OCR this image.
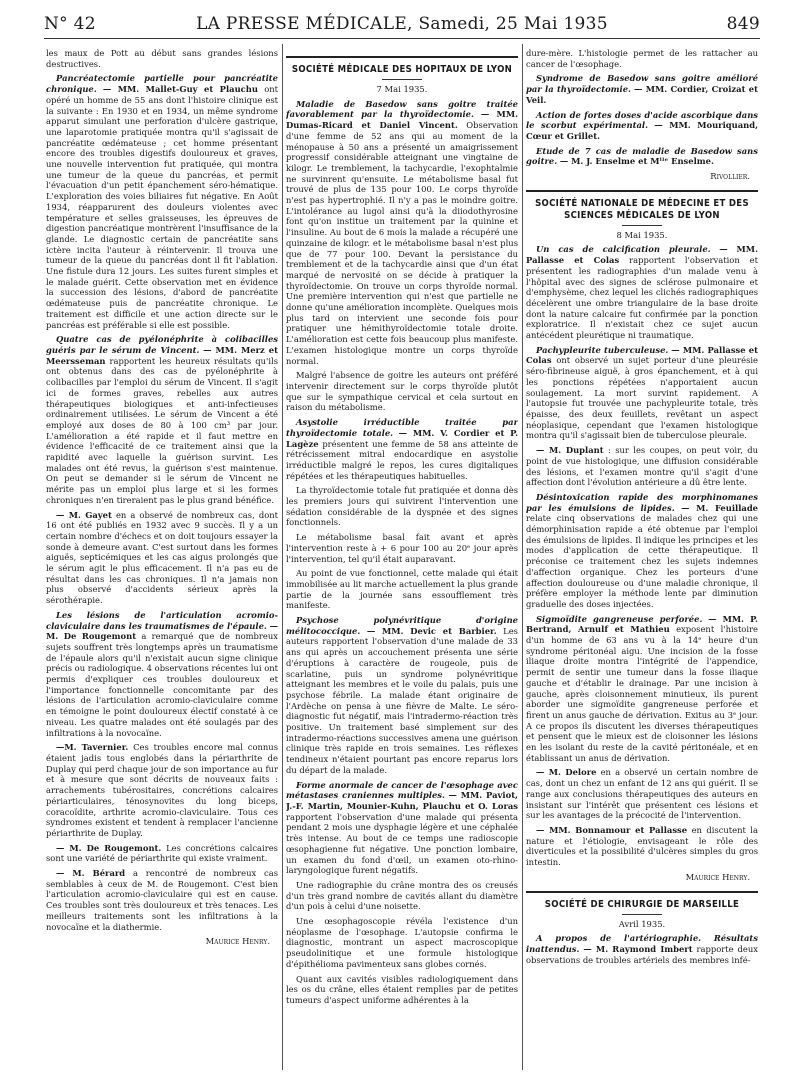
N° 42	LA PRESSE MÉDICALE, Samedi, 25 Mai 1935	849

les maux de Pott au début sans grandes lésions destructives.

Pancréatectomie partielle pour pancréatite chronique. — MM. Mallet-Guy et Plauchu ont opéré un homme de 55 ans dont l'histoire clinique est la suivante : En 1930 et en 1934, un même syndrome apparut simulant une perforation d'ulcère gastrique, une laparotomie pratiquée montra qu'il s'agissait de pancréatite œdémateuse ; cet homme présentant encore des troubles digestifs douloureux et graves, une nouvelle intervention fut pratiquée, qui montra une tumeur de la queue du pancréas, et permit l'évacuation d'un petit épanchement séro-hématique. L'exploration des voies biliaires fut négative. En Août 1934, réapparurent des douleurs violentes avec température et selles graisseuses, les épreuves de digestion pancréatique montrèrent l'insuffisance de la glande. Le diagnostic certain de pancréatite sans ictère incita l'auteur à réintervenir. Il trouva une tumeur de la queue du pancréas dont il fit l'ablation. Une fistule dura 12 jours. Les suites furent simples et le malade guérit. Cette observation met en évidence la succession des lésions, d'abord de pancréatite œdémateuse puis de pancréatite chronique. Le traitement est difficile et une action directe sur le pancréas est préférable si elle est possible.

Quatre cas de pyélonéphrite à colibacilles guéris par le sérum de Vincent. — MM. Merz et Meersseman rapportent les heureux résultats qu'ils ont obtenus dans des cas de pyélonéphrite à colibacilles par l'emploi du sérum de Vincent. Il s'agit ici de formes graves, rebelles aux autres thérapeutiques biologiques et anti-infectieuses ordinairement utilisées. Le sérum de Vincent a été employé aux doses de 80 à 100 cm³ par jour. L'amélioration a été rapide et il faut mettre en évidence l'efficacité de ce traitement ainsi que la rapidité avec laquelle la guérison survint. Les malades ont été revus, la guérison s'est maintenue. On peut se demander si le sérum de Vincent ne mérite pas un emploi plus large et si les formes chroniques n'en tireraient pas le plus grand bénéfice.

— M. Gayet en a observé de nombreux cas, dont 16 ont été publiés en 1932 avec 9 succès. Il y a un certain nombre d'échecs et on doit toujours essayer la sonde à demeure avant. C'est surtout dans les formes aiguës, septicémiques et les cas aigus prolongés que le sérum agit le plus efficacement. Il n'a pas eu de résultat dans les cas chroniques. Il n'a jamais non plus observé d'accidents sérieux après la sérothérapie.

Les lésions de l'articulation acromio-claviculaire dans les traumatismes de l'épaule. — M. De Rougemont a remarqué que de nombreux sujets souffrent très longtemps après un traumatisme de l'épaule alors qu'il n'existait aucun signe clinique précis ou radiologique. 4 observations récentes lui ont permis d'expliquer ces troubles douloureux et l'importance fonctionnelle concomitante par des lésions de l'articulation acromio-claviculaire comme en témoigne le point douloureux électif constaté à ce niveau. Les quatre malades ont été soulagés par des infiltrations à la novocaïne.

—M. Tavernier. Ces troubles encore mal connus étaient jadis tous englobés dans la périarthrite de Duplay qui perd chaque jour de son importance au fur et à mesure que sont décrits de nouveaux faits : arrachements tubérositaires, concrétions calcaires périarticulaires, ténosynovites du long biceps, coracoïdite, arthrite acromio-claviculaire. Tous ces syndromes existent et tendent à remplacer l'ancienne périarthrite de Duplay.

— M. De Rougemont. Les concrétions calcaires sont une variété de périarthrite qui existe vraiment.

— M. Bérard a rencontré de nombreux cas semblables à ceux de M. de Rougemont. C'est bien l'articulation acromio-claviculaire qui est en cause. Ces troubles sont très douloureux et très tenaces. Les meilleurs traitements sont les infiltrations à la novocaïne et la diathermie.

Maurice Henry.

SOCIÉTÉ MÉDICALE DES HOPITAUX DE LYON

7 Mai 1935.

Maladie de Basedow sans goitre traitée favorablement par la thyroïdectomie. — MM. Dumas-Ricard et Daniel Vincent. Observation d'une femme de 52 ans qui au moment de la ménopause à 50 ans a présenté un amaigrissement progressif considérable atteignant une vingtaine de kilogr. Le tremblement, la tachycardie, l'exophtalmie ne survinrent qu'ensuite. Le métabolisme basal fut trouvé de plus de 135 pour 100. Le corps thyroïde n'est pas hypertrophié. Il n'y a pas le moindre goitre. L'intolérance au lugol ainsi qu'à la diiodothyrosine font qu'on institue un traitement par la quinine et l'insuline. Au bout de 6 mois la malade a récupéré une quinzaine de kilogr. et le métabolisme basal n'est plus que de 77 pour 100. Devant la persistance du tremblement et de la tachycardie ainsi que d'un état marqué de nervosité on se décide à pratiquer la thyroïdectomie. On trouve un corps thyroïde normal. Une première intervention qui n'est que partielle ne donne qu'une amélioration incomplète. Quelques mois plus tard on intervient une seconde fois pour pratiquer une hémithyroïdectomie totale droite. L'amélioration est cette fois beaucoup plus manifeste. L'examen histologique montre un corps thyroïde normal.

Malgré l'absence de goitre les auteurs ont préféré intervenir directement sur le corps thyroïde plutôt que sur le sympathique cervical et cela surtout en raison du métabolisme.

Asystolie irréductible traitée par thyroïdectomie totale. — MM. V. Cordier et P. Lagèze présentent une femme de 58 ans atteinte de rétrécissement mitral endocardique en asystolie irréductible malgré le repos, les cures digitaliques répétées et les thérapeutiques habituelles.

La thyroïdectomie totale fut pratiquée et donna dès les premiers jours qui suivirent l'intervention une sédation considérable de la dyspnée et des signes fonctionnels.

Le métabolisme basal fait avant et après l'intervention reste à + 6 pour 100 au 20ᵉ jour après l'intervention, tel qu'il était auparavant.

Au point de vue fonctionnel, cette malade qui était immobilisée au lit marche actuellement la plus grande partie de la journée sans essoufflement très manifeste.

Psychose polynévritique d'origine mélitococcique. — MM. Devic et Barbier. Les auteurs rapportent l'observation d'une malade de 33 ans qui après un accouchement présenta une série d'éruptions à caractère de rougeole, puis de scarlatine, puis un syndrome polynévritique atteignant les membres et le voile du palais, puis une psychose fébrile. La malade étant originaire de l'Ardèche on pensa à une fièvre de Malte. Le séro-diagnostic fut négatif, mais l'intradermo-réaction très positive. Un traitement basé simplement sur des intradermo-réactions successives amena une guérison clinique très rapide en trois semaines. Les réflexes tendineux n'étaient pourtant pas encore reparus lors du départ de la malade.

Forme anormale de cancer de l'œsophage avec métastases craniennes multiples. — MM. Paviot, J.-F. Martin, Mounier-Kuhn, Plauchu et O. Loras rapportent l'observation d'une malade qui présenta pendant 2 mois une dysphagie légère et une céphalée très intense. Au bout de ce temps une radioscopie œsophagienne fut négative. Une ponction lombaire, un examen du fond d'œil, un examen oto-rhino-laryngologique furent négatifs.

Une radiographie du crâne montra des os creusés d'un très grand nombre de cavités allant du diamètre d'un pois à celui d'une noisette.

Une œsophagoscopie révéla l'existence d'un néoplasme de l'œsophage. L'autopsie confirma le diagnostic, montrant un aspect macroscopique pseudolinitique et une formule histologique d'épithélioma pavimenteux sans globes cornés.

Quant aux cavités visibles radiologiquement dans les os du crâne, elles étaient remplies par de petites tumeurs d'aspect uniforme adhérentes à la

dure-mère. L'histologie permet de les rattacher au cancer de l'œsophage.

Syndrome de Basedow sans goitre amélioré par la thyroïdectomie. — MM. Cordier, Croizat et Veil.

Action de fortes doses d'acide ascorbique dans le scorbut expérimental. — MM. Mouriquand, Cœur et Grillet.

Etude de 7 cas de maladie de Basedow sans goitre. — M. J. Enselme et Mˡˡᵉ Enselme.

Rivollier.

SOCIÉTÉ NATIONALE DE MÉDECINE ET DES SCIENCES MÉDICALES DE LYON

8 Mai 1935.

Un cas de calcification pleurale. — MM. Pallasse et Colas rapportent l'observation et présentent les radiographies d'un malade venu à l'hôpital avec des signes de sclérose pulmonaire et d'emphysème, chez lequel les clichés radiographiques décelèrent une ombre triangulaire de la base droite dont la nature calcaire fut confirmée par la ponction exploratrice. Il n'existait chez ce sujet aucun antécédent pleurétique ni traumatique.

Pachypleurite tuberculeuse. — MM. Pallasse et Colas ont observé un sujet porteur d'une pleurésie séro-fibrineuse aiguë, à gros épanchement, et à qui les ponctions répétées n'apportaient aucun soulagement. La mort survint rapidement. A l'autopsie fut trouvée une pachypleurite totale, très épaisse, des deux feuillets, revêtant un aspect néoplasique, cependant que l'examen histologique montra qu'il s'agissait bien de tuberculose pleurale.

— M. Duplant : sur les coupes, on peut voir, du point de vue histologique, une diffusion considérable des lésions, et l'examen montre qu'il s'agit d'une affection dont l'évolution antérieure a dû être lente.

Désintoxication rapide des morphinomanes par les émulsions de lipides. — M. Feuillade relate cinq observations de malades chez qui une démorphinisation rapide a été obtenue par l'emploi des émulsions de lipides. Il indique les principes et les modes d'application de cette thérapeutique. Il préconise ce traitement chez les sujets indemnes d'affection organique. Chez les porteurs d'une affection douloureuse ou d'une maladie chronique, il préfère employer la méthode lente par diminution graduelle des doses injectées.

Sigmoïdite gangreneuse perforée. — MM. P. Bertrand, Arnulf et Mathieu exposent l'histoire d'un homme de 63 ans vu à la 14ᵉ heure d'un syndrome péritonéal aigu. Une incision de la fosse iliaque droite montra l'intégrité de l'appendice, permit de sentir une tumeur dans la fosse iliaque gauche et d'établir le drainage. Par une incision à gauche, après cloisonnement minutieux, ils purent aborder une sigmoïdite gangreneuse perforée et firent un anus gauche de dérivation. Exitus au 3ᵉ jour. A ce propos ils discutent les diverses thérapeutiques et pensent que le mieux est de cloisonner les lésions en les isolant du reste de la cavité péritonéale, et en établissant un anus de dérivation.

— M. Delore en a observé un certain nombre de cas, dont un chez un enfant de 12 ans qui guérit. Il se range aux conclusions thérapeutiques des auteurs en insistant sur l'intérêt que présentent ces lésions et sur les avantages de la précocité de l'intervention.

— MM. Bonnamour et Pallasse en discutent la nature et l'étiologie, envisageant le rôle des diverticules et la possibilité d'ulcères simples du gros intestin.

Maurice Henry.

SOCIÉTÉ DE CHIRURGIE DE MARSEILLE

Avril 1935.

A propos de l'artériographie. Résultats inattendus. — M. Raymond Imbert rapporte deux observations de troubles artériels des membres infé-
